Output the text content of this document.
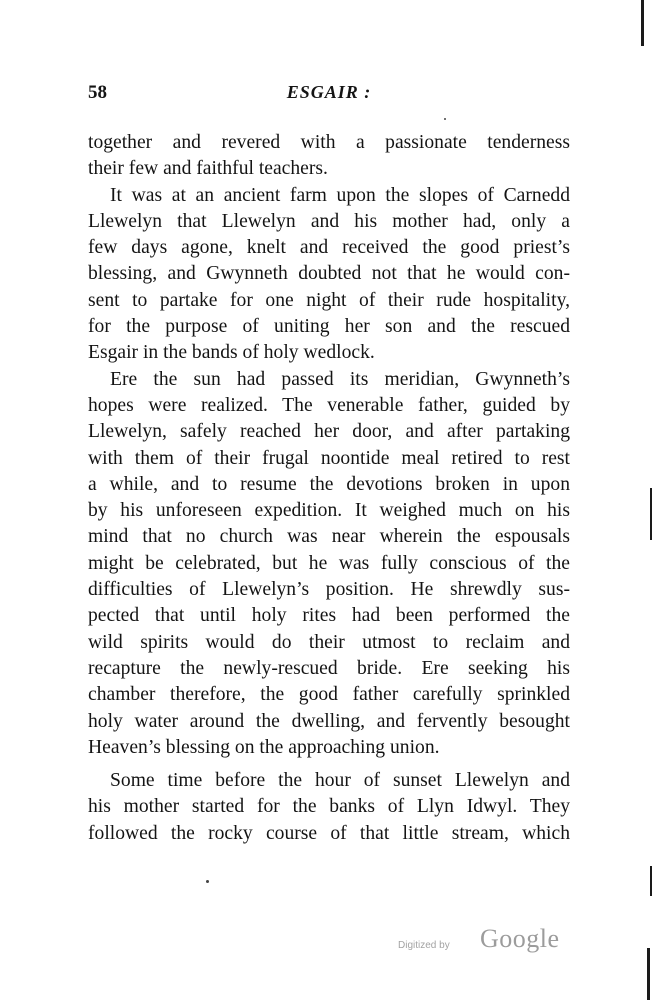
58	ESGAIR :

together and revered with a passionate tenderness
their few and faithful teachers.

It was at an ancient farm upon the slopes of Carnedd
Llewelyn that Llewelyn and his mother had, only a
few days agone, knelt and received the good priest’s
blessing, and Gwynneth doubted not that he would con-
sent to partake for one night of their rude hospitality,
for the purpose of uniting her son and the rescued
Esgair in the bands of holy wedlock.

Ere the sun had passed its meridian, Gwynneth’s
hopes were realized. The venerable father, guided by
Llewelyn, safely reached her door, and after partaking
with them of their frugal noontide meal retired to rest
a while, and to resume the devotions broken in upon
by his unforeseen expedition. It weighed much on his
mind that no church was near wherein the espousals
might be celebrated, but he was fully conscious of the
difficulties of Llewelyn’s position. He shrewdly sus-
pected that until holy rites had been performed the
wild spirits would do their utmost to reclaim and
recapture the newly-rescued bride. Ere seeking his
chamber therefore, the good father carefully sprinkled
holy water around the dwelling, and fervently besought
Heaven’s blessing on the approaching union.

Some time before the hour of sunset Llewelyn and
his mother started for the banks of Llyn Idwyl. They
followed the rocky course of that little stream, which

Digitized by Google
